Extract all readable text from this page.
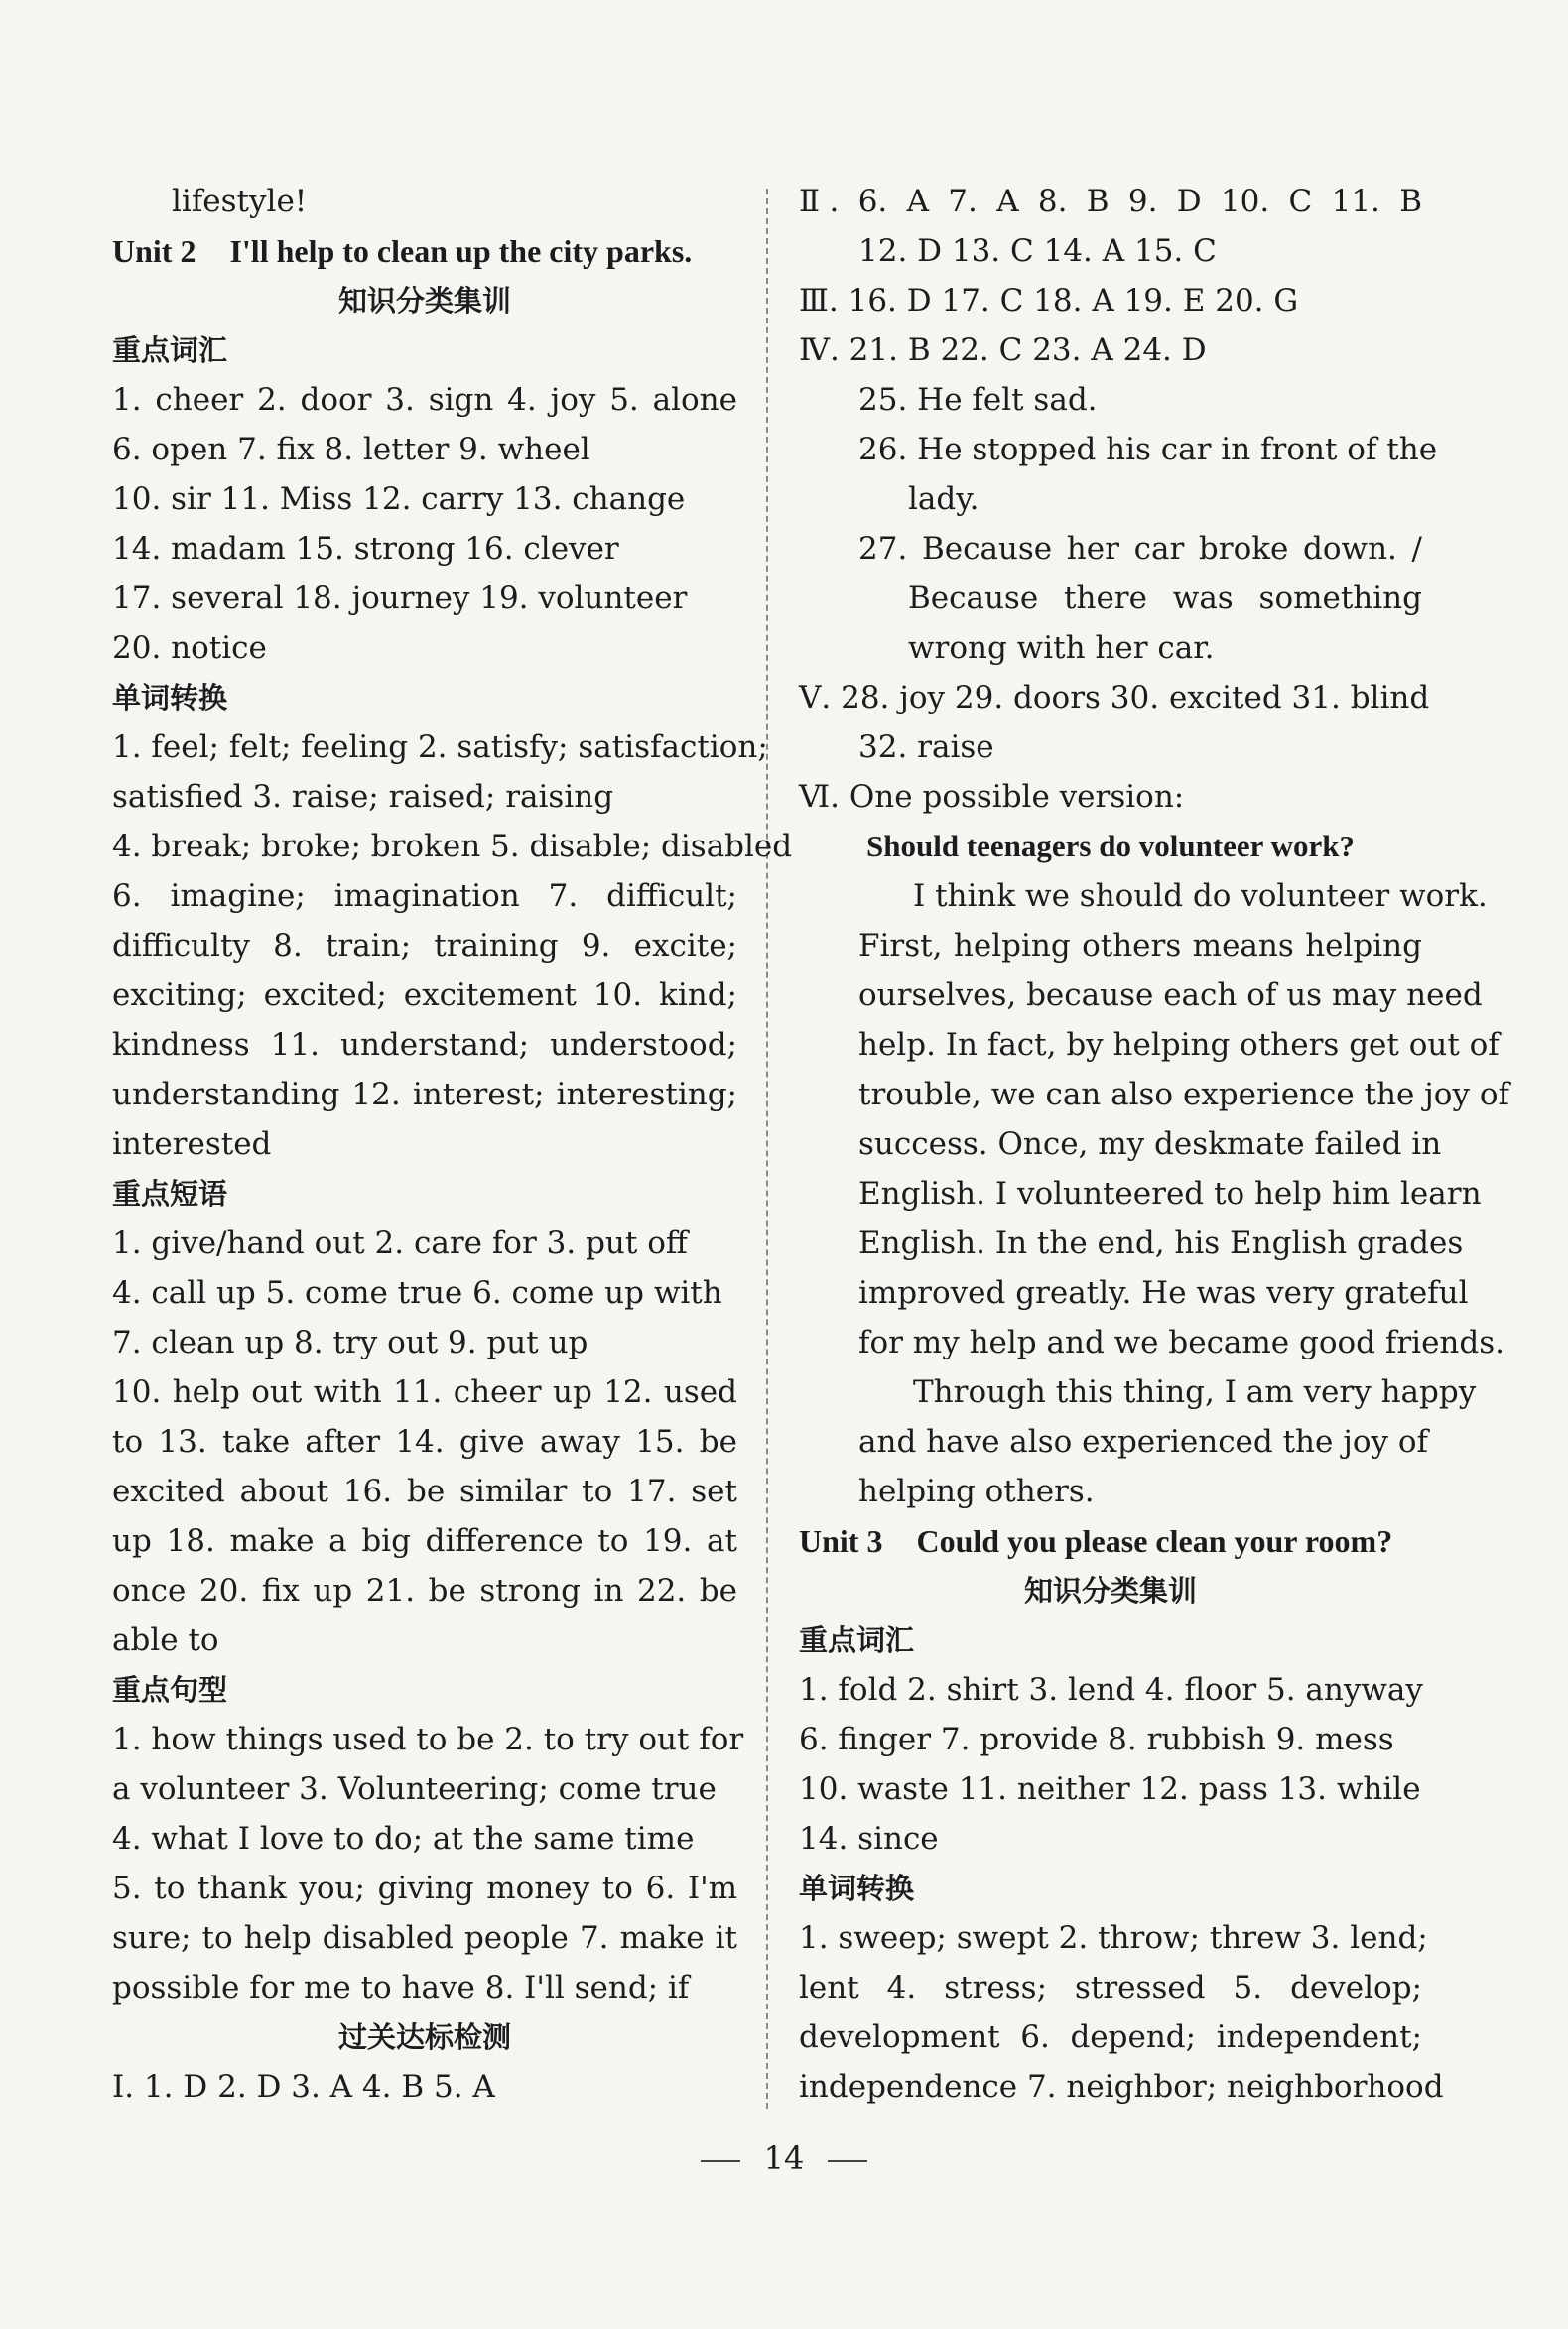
lifestyle!
Unit 2 I'll help to clean up the city parks.
知识分类集训
重点词汇
1. cheer 2. door 3. sign 4. joy 5. alone
6. open 7. fix 8. letter 9. wheel
10. sir 11. Miss 12. carry 13. change
14. madam 15. strong 16. clever
17. several 18. journey 19. volunteer
20. notice
单词转换
1. feel; felt; feeling 2. satisfy; satisfaction;
satisfied 3. raise; raised; raising
4. break; broke; broken 5. disable; disabled
6. imagine; imagination 7. difficult;
difficulty 8. train; training 9. excite;
exciting; excited; excitement 10. kind;
kindness 11. understand; understood;
understanding 12. interest; interesting;
interested
重点短语
1. give/hand out 2. care for 3. put off
4. call up 5. come true 6. come up with
7. clean up 8. try out 9. put up
10. help out with 11. cheer up 12. used
to 13. take after 14. give away 15. be
excited about 16. be similar to 17. set
up 18. make a big difference to 19. at
once 20. fix up 21. be strong in 22. be
able to
重点句型
1. how things used to be 2. to try out for
a volunteer 3. Volunteering; come true
4. what I love to do; at the same time
5. to thank you; giving money to 6. I'm
sure; to help disabled people 7. make it
possible for me to have 8. I'll send; if
过关达标检测
Ⅰ. 1. D 2. D 3. A 4. B 5. A
Ⅱ. 6. A 7. A 8. B 9. D 10. C 11. B
12. D 13. C 14. A 15. C
Ⅲ. 16. D 17. C 18. A 19. E 20. G
Ⅳ. 21. B 22. C 23. A 24. D
25. He felt sad.
26. He stopped his car in front of the
lady.
27. Because her car broke down. /
Because there was something
wrong with her car.
Ⅴ. 28. joy 29. doors 30. excited 31. blind
32. raise
Ⅵ. One possible version:
Should teenagers do volunteer work?
I think we should do volunteer work.
First, helping others means helping
ourselves, because each of us may need
help. In fact, by helping others get out of
trouble, we can also experience the joy of
success. Once, my deskmate failed in
English. I volunteered to help him learn
English. In the end, his English grades
improved greatly. He was very grateful
for my help and we became good friends.
Through this thing, I am very happy
and have also experienced the joy of
helping others.
Unit 3 Could you please clean your room?
知识分类集训
重点词汇
1. fold 2. shirt 3. lend 4. floor 5. anyway
6. finger 7. provide 8. rubbish 9. mess
10. waste 11. neither 12. pass 13. while
14. since
单词转换
1. sweep; swept 2. throw; threw 3. lend;
lent 4. stress; stressed 5. develop;
development 6. depend; independent;
independence 7. neighbor; neighborhood
14
